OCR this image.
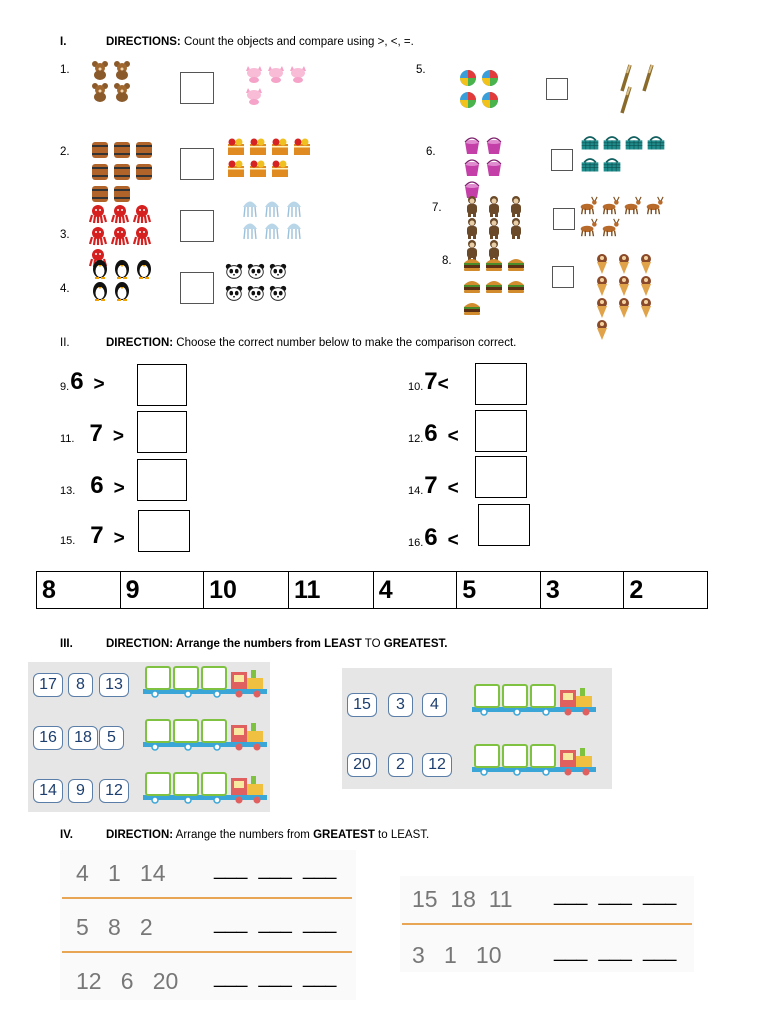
I.	DIRECTIONS: Count the objects and compare using >, <, =.
1.
2.
3.
4.
5.
6.
7.
8.
II.	DIRECTION: Choose the correct number below to make the comparison correct.
9. 6 >	10. 7 <
11. 7 >	12. 6 <
13. 6 >	14. 7 <
15. 7 >	16. 6 <
8	9	10	11	4	5	3	2
III.	DIRECTION: Arrange the numbers from LEAST TO GREATEST.
17	8	13
16	18 5
14	9	12
15	3	4
20	2	12
IV.	DIRECTION: Arrange the numbers from GREATEST to LEAST.
4   1   14 ___  ___  ___
5   8   2	___  ___  ___
12   6   20 ___  ___  ___
15  18  11 ___  ___  ___
3   1   10	___  ___  ___
